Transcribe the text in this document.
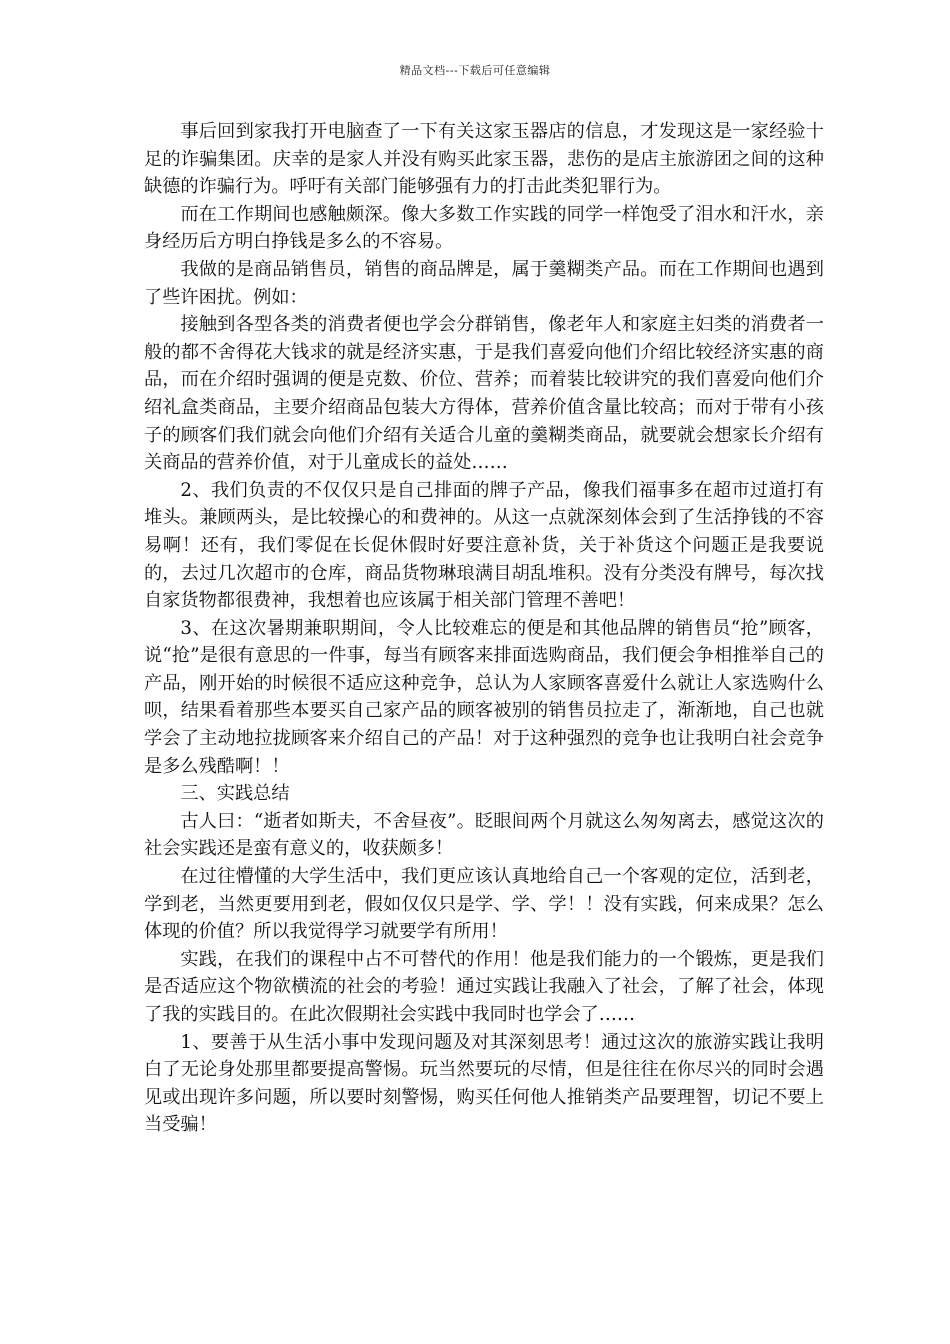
精品文档---下载后可任意编辑

事后回到家我打开电脑查了一下有关这家玉器店的信息，才发现这是一家经验十足的诈骗集团。庆幸的是家人并没有购买此家玉器，悲伤的是店主旅游团之间的这种缺德的诈骗行为。呼吁有关部门能够强有力的打击此类犯罪行为。

而在工作期间也感触颇深。像大多数工作实践的同学一样饱受了泪水和汗水，亲身经历后方明白挣钱是多么的不容易。

我做的是商品销售员，销售的商品牌是，属于羹糊类产品。而在工作期间也遇到了些许困扰。例如：

接触到各型各类的消费者便也学会分群销售，像老年人和家庭主妇类的消费者一般的都不舍得花大钱求的就是经济实惠，于是我们喜爱向他们介绍比较经济实惠的商品，而在介绍时强调的便是克数、价位、营养；而着装比较讲究的我们喜爱向他们介绍礼盒类商品，主要介绍商品包装大方得体，营养价值含量比较高；而对于带有小孩子的顾客们我们就会向他们介绍有关适合儿童的羹糊类商品，就要就会想家长介绍有关商品的营养价值，对于儿童成长的益处……

2、我们负责的不仅仅只是自己排面的牌子产品，像我们福事多在超市过道打有堆头。兼顾两头，是比较操心的和费神的。从这一点就深刻体会到了生活挣钱的不容易啊！还有，我们零促在长促休假时好要注意补货，关于补货这个问题正是我要说的，去过几次超市的仓库，商品货物琳琅满目胡乱堆积。没有分类没有牌号，每次找自家货物都很费神，我想着也应该属于相关部门管理不善吧！

3、在这次暑期兼职期间，令人比较难忘的便是和其他品牌的销售员“抢”顾客，说“抢”是很有意思的一件事，每当有顾客来排面选购商品，我们便会争相推举自己的产品，刚开始的时候很不适应这种竞争，总认为人家顾客喜爱什么就让人家选购什么呗，结果看着那些本要买自己家产品的顾客被别的销售员拉走了，渐渐地，自己也就学会了主动地拉拢顾客来介绍自己的产品！对于这种强烈的竞争也让我明白社会竞争是多么残酷啊！！

三、实践总结

古人曰：“逝者如斯夫，不舍昼夜”。眨眼间两个月就这么匆匆离去，感觉这次的社会实践还是蛮有意义的，收获颇多！

在过往懵懂的大学生活中，我们更应该认真地给自己一个客观的定位，活到老，学到老，当然更要用到老，假如仅仅只是学、学、学！！没有实践，何来成果？怎么体现的价值？所以我觉得学习就要学有所用！

实践，在我们的课程中占不可替代的作用！他是我们能力的一个锻炼，更是我们是否适应这个物欲横流的社会的考验！通过实践让我融入了社会，了解了社会，体现了我的实践目的。在此次假期社会实践中我同时也学会了……

1、要善于从生活小事中发现问题及对其深刻思考！通过这次的旅游实践让我明白了无论身处那里都要提高警惕。玩当然要玩的尽情，但是往往在你尽兴的同时会遇见或出现许多问题，所以要时刻警惕，购买任何他人推销类产品要理智，切记不要上当受骗！
